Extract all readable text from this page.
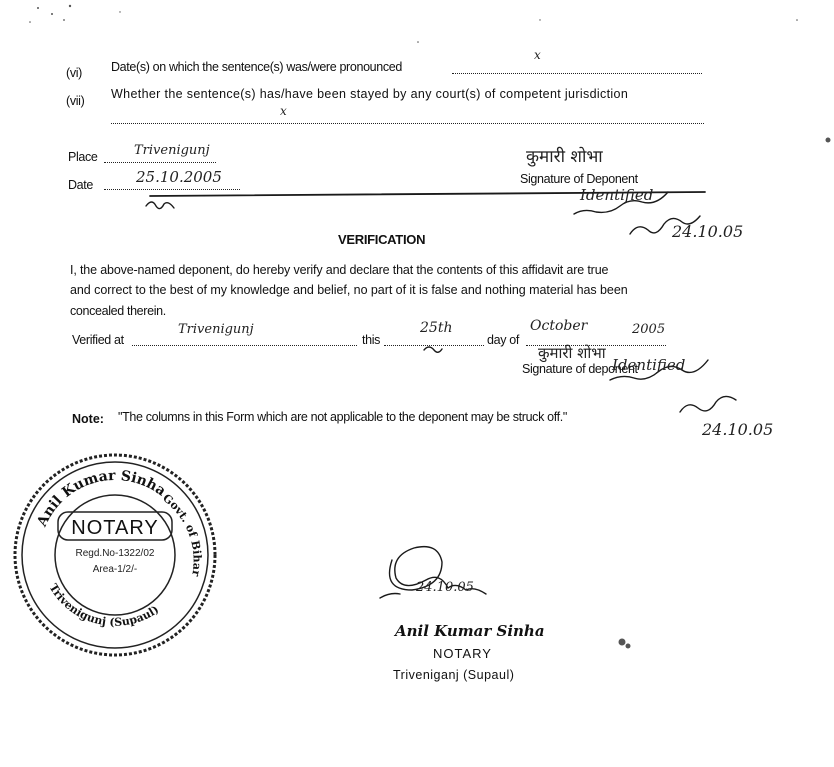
(vi) Date(s) on which the sentence(s) was/were pronounced
x
(vii) Whether the sentence(s) has/have been stayed by any court(s) of competent jurisdiction
x
Place	Trivenigunj
Date	25.10.2005
कुमारी शोभा
Signature of Deponent
Identified
24.10.05
VERIFICATION
I, the above-named deponent, do hereby verify and declare that the contents of this affidavit are true
and correct to the best of my knowledge and belief, no part of it is false and nothing material has been
concealed therein.
Verified at
Trivenigunj
this
25th
day of
October	2005
कुमारी शोभा
Signature of deponent
Identified
24.10.05
Note: "The columns in this Form which are not applicable to the deponent may be struck off."
Anil Kumar Sinha
Govt. of Bihar
Trivenigunj (Supaul)
NOTARY
Regd.No-1322/02
Area-1/2/-
24.10.05
Anil Kumar Sinha
NOTARY
Triveniganj (Supaul)
